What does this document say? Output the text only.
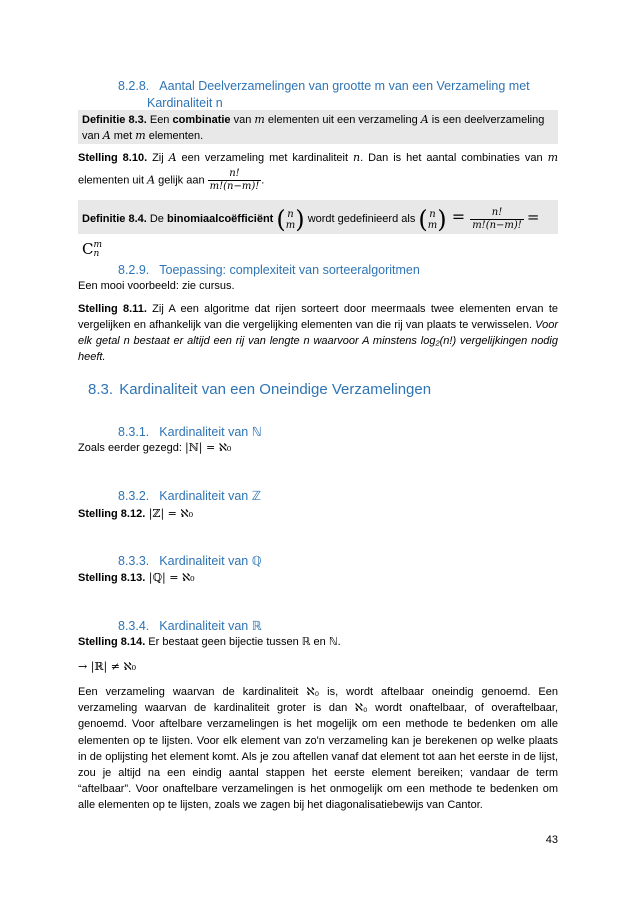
8.2.8. Aantal Deelverzamelingen van grootte m van een Verzameling met
Kardinaliteit n
Definitie 8.3. Een combinatie van m elementen uit een verzameling A is een deelverzameling van A met m elementen.
Stelling 8.10. Zij A een verzameling met kardinaliteit n. Dan is het aantal combinaties van m elementen uit A gelijk aan $\frac{n!}{m!(n-m)!}$ .
Definitie 8.4. De binomiaalcoëfficiënt ( n
m ) wordt gedefinieerd als ( n
m ) = $\frac{n!}{m!(n-m)!} = C$ m
n
8.2.9. Toepassing: complexiteit van sorteeralgoritmen
Een mooi voorbeeld: zie cursus.
Stelling 8.11. Zij A een algoritme dat rijen sorteert door meermaals twee elementen ervan te vergelijken en afhankelijk van die vergelijking elementen van die rij van plaats te verwisselen. Voor elk getal n bestaat er altijd een rij van lengte n waarvoor A minstens log₂(n!) vergelijkingen nodig heeft.
8.3. Kardinaliteit van een Oneindige Verzamelingen
8.3.1. Kardinaliteit van ℕ
Zoals eerder gezegd: |ℕ| = ℵ₀
8.3.2. Kardinaliteit van ℤ
Stelling 8.12. |ℤ| = ℵ₀
8.3.3. Kardinaliteit van ℚ
Stelling 8.13. |ℚ| = ℵ₀
8.3.4. Kardinaliteit van ℝ
Stelling 8.14. Er bestaat geen bijectie tussen ℝ en ℕ.
→ |ℝ| ≠ ℵ₀
Een verzameling waarvan de kardinaliteit ℵ₀ is, wordt aftelbaar oneindig genoemd. Een verzameling waarvan de kardinaliteit groter is dan ℵ₀ wordt onaftelbaar, of overaftelbaar, genoemd. Voor aftelbare verzamelingen is het mogelijk om een methode te bedenken om alle elementen op te lijsten. Voor elk element van zo'n verzameling kan je berekenen op welke plaats in de oplijsting het element komt. Als je zou aftellen vanaf dat element tot aan het eerste in de lijst, zou je altijd na een eindig aantal stappen het eerste element bereiken; vandaar de term “aftelbaar”. Voor onaftelbare verzamelingen is het onmogelijk om een methode te bedenken om alle elementen op te lijsten, zoals we zagen bij het diagonalisatiebewijs van Cantor.
43
